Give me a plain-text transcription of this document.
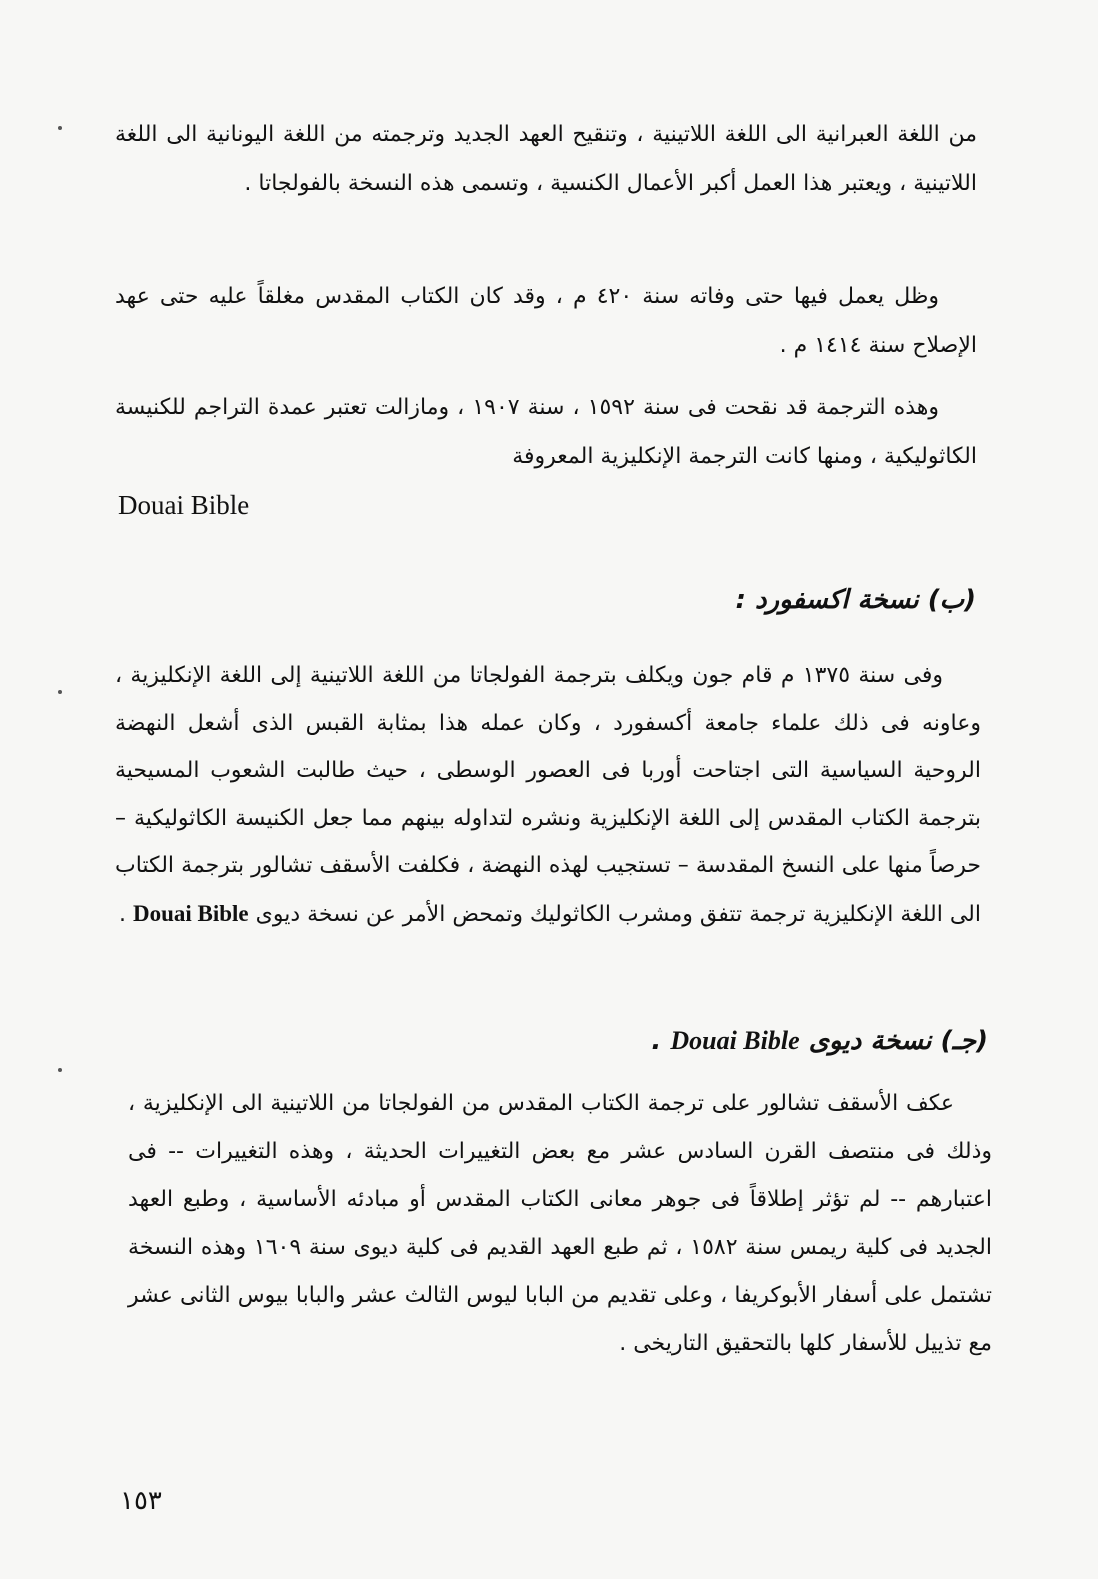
من اللغة العبرانية الى اللغة اللاتينية ، وتنقيح العهد الجديد وترجمته من اللغة اليونانية الى اللغة اللاتينية ، ويعتبر هذا العمل أكبر الأعمال الكنسية ، وتسمى هذه النسخة بالفولجاتا .

وظل يعمل فيها حتى وفاته سنة ٤٢٠ م ، وقد كان الكتاب المقدس مغلقاً عليه حتى عهد الإصلاح سنة ١٤١٤ م .

وهذه الترجمة قد نقحت فى سنة ١٥٩٢ ، سنة ١٩٠٧ ، ومازالت تعتبر عمدة التراجم للكنيسة الكاثوليكية ، ومنها كانت الترجمة الإنكليزية المعروفة

Douai Bible

(ب) نسخة اكسفورد :

وفى سنة ١٣٧٥ م قام جون ويكلف بترجمة الفولجاتا من اللغة اللاتينية إلى اللغة الإنكليزية ، وعاونه فى ذلك علماء جامعة أكسفورد ، وكان عمله هذا بمثابة القبس الذى أشعل النهضة الروحية السياسية التى اجتاحت أوربا فى العصور الوسطى ، حيث طالبت الشعوب المسيحية بترجمة الكتاب المقدس إلى اللغة الإنكليزية ونشره لتداوله بينهم مما جعل الكنيسة الكاثوليكية – حرصاً منها على النسخ المقدسة – تستجيب لهذه النهضة ، فكلفت الأسقف تشالور بترجمة الكتاب الى اللغة الإنكليزية ترجمة تتفق ومشرب الكاثوليك وتمحض الأمر عن نسخة ديوى Douai Bible .

(جـ) نسخة ديوى Douai Bible .

عكف الأسقف تشالور على ترجمة الكتاب المقدس من الفولجاتا من اللاتينية الى الإنكليزية ، وذلك فى منتصف القرن السادس عشر مع بعض التغييرات الحديثة ، وهذه التغييرات -- فى اعتبارهم -- لم تؤثر إطلاقاً فى جوهر معانى الكتاب المقدس أو مبادئه الأساسية ، وطبع العهد الجديد فى كلية ريمس سنة ١٥٨٢ ، ثم طبع العهد القديم فى كلية ديوى سنة ١٦٠٩ وهذه النسخة تشتمل على أسفار الأبوكريفا ، وعلى تقديم من البابا ليوس الثالث عشر والبابا بيوس الثانى عشر مع تذييل للأسفار كلها بالتحقيق التاريخى .

١٥٣
